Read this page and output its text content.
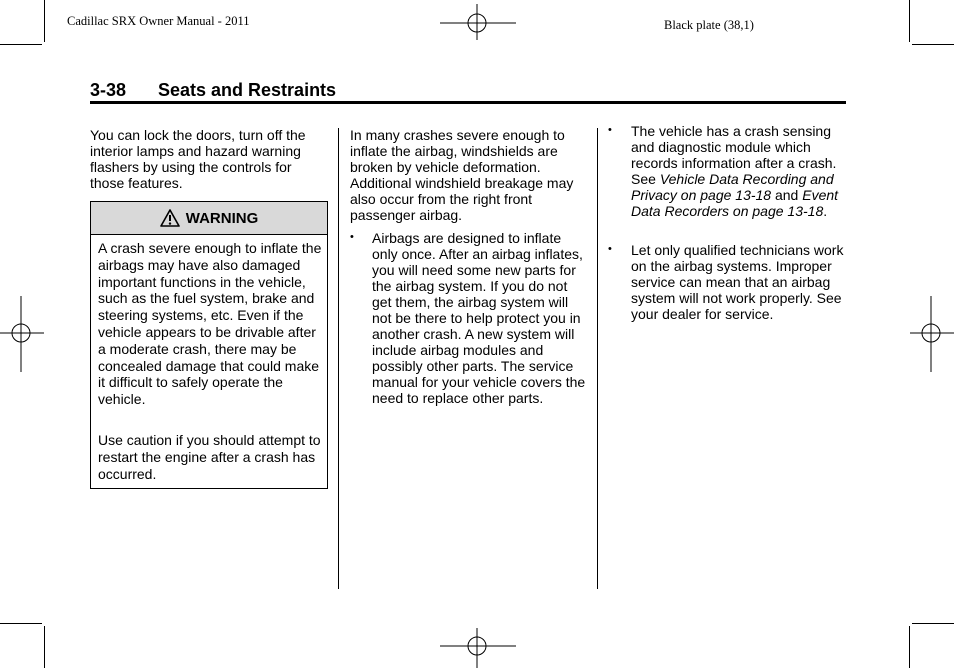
Cadillac SRX Owner Manual - 2011	Black plate (38,1)
3-38 Seats and Restraints

You can lock the doors, turn off the interior lamps and hazard warning flashers by using the controls for those features.

WARNING

A crash severe enough to inflate the airbags may have also damaged important functions in the vehicle, such as the fuel system, brake and steering systems, etc. Even if the vehicle appears to be drivable after a moderate crash, there may be concealed damage that could make it difficult to safely operate the vehicle.

Use caution if you should attempt to restart the engine after a crash has occurred.

In many crashes severe enough to inflate the airbag, windshields are broken by vehicle deformation. Additional windshield breakage may also occur from the right front passenger airbag.

• Airbags are designed to inflate only once. After an airbag inflates, you will need some new parts for the airbag system. If you do not get them, the airbag system will not be there to help protect you in another crash. A new system will include airbag modules and possibly other parts. The service manual for your vehicle covers the need to replace other parts.

• The vehicle has a crash sensing and diagnostic module which records information after a crash. See Vehicle Data Recording and Privacy on page 13-18 and Event Data Recorders on page 13-18.

• Let only qualified technicians work on the airbag systems. Improper service can mean that an airbag system will not work properly. See your dealer for service.
